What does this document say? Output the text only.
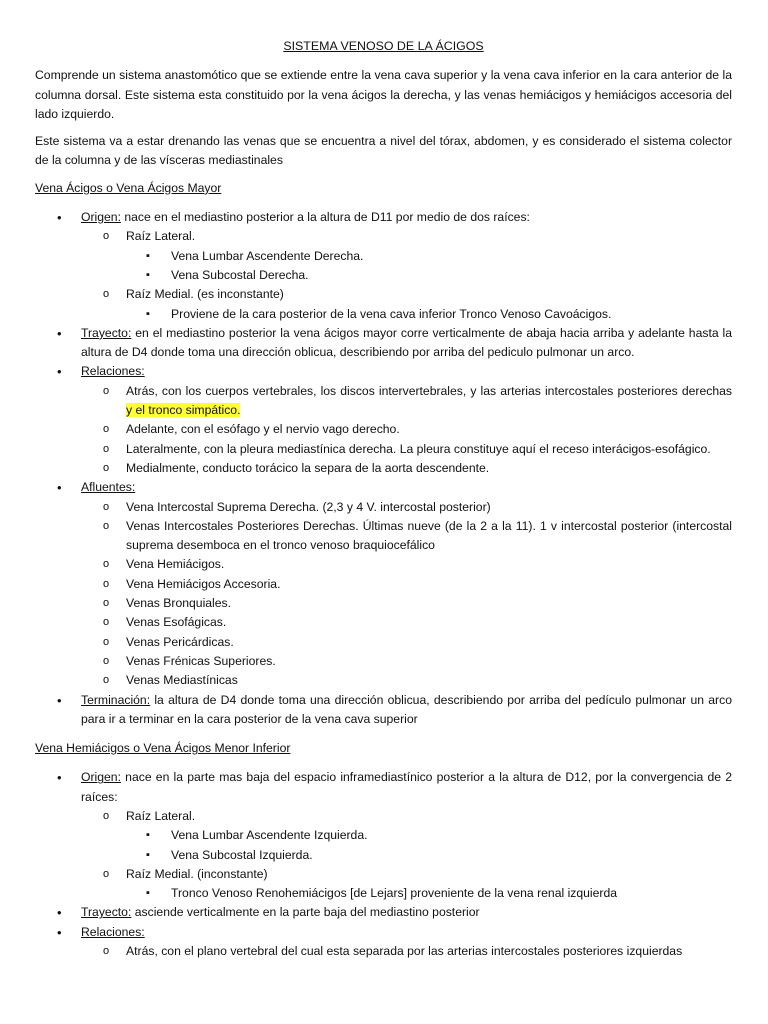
SISTEMA VENOSO DE LA ÁCIGOS

Comprende un sistema anastomótico que se extiende entre la vena cava superior y la vena cava inferior en la cara anterior de la columna dorsal. Este sistema esta constituido por la vena ácigos la derecha, y las venas hemiácigos y hemiácigos accesoria del lado izquierdo.

Este sistema va a estar drenando las venas que se encuentra a nivel del tórax, abdomen, y es considerado el sistema colector de la columna y de las vísceras mediastinales

Vena Ácigos o Vena Ácigos Mayor
• Origen: nace en el mediastino posterior a la altura de D11 por medio de dos raíces:
o Raíz Lateral.
▪ Vena Lumbar Ascendente Derecha.
▪ Vena Subcostal Derecha.
o Raíz Medial. (es inconstante)
▪ Proviene de la cara posterior de la vena cava inferior Tronco Venoso Cavoácigos.
• Trayecto: en el mediastino posterior la vena ácigos mayor corre verticalmente de abaja hacia arriba y adelante hasta la altura de D4 donde toma una dirección oblicua, describiendo por arriba del pediculo pulmonar un arco.
• Relaciones:
o Atrás, con los cuerpos vertebrales, los discos intervertebrales, y las arterias intercostales posteriores derechas y el tronco simpático.
o Adelante, con el esófago y el nervio vago derecho.
o Lateralmente, con la pleura mediastínica derecha. La pleura constituye aquí el receso interácigos-esofágico.
o Medialmente, conducto torácico la separa de la aorta descendente.
• Afluentes:
o Vena Intercostal Suprema Derecha. (2,3 y 4 V. intercostal posterior)
o Venas Intercostales Posteriores Derechas. Últimas nueve (de la 2 a la 11). 1 v intercostal posterior (intercostal suprema desemboca en el tronco venoso braquiocefálico
o Vena Hemiácigos.
o Vena Hemiácigos Accesoria.
o Venas Bronquiales.
o Venas Esofágicas.
o Venas Pericárdicas.
o Venas Frénicas Superiores.
o Venas Mediastínicas
• Terminación: la altura de D4 donde toma una dirección oblicua, describiendo por arriba del pedículo pulmonar un arco para ir a terminar en la cara posterior de la vena cava superior
Vena Hemiácigos o Vena Ácigos Menor Inferior
• Origen: nace en la parte mas baja del espacio inframediastínico posterior a la altura de D12, por la convergencia de 2 raíces:
o Raíz Lateral.
▪ Vena Lumbar Ascendente Izquierda.
▪ Vena Subcostal Izquierda.
o Raíz Medial. (inconstante)
▪ Tronco Venoso Renohemiácigos [de Lejars] proveniente de la vena renal izquierda
• Trayecto: asciende verticalmente en la parte baja del mediastino posterior
• Relaciones:
o Atrás, con el plano vertebral del cual esta separada por las arterias intercostales posteriores izquierdas
